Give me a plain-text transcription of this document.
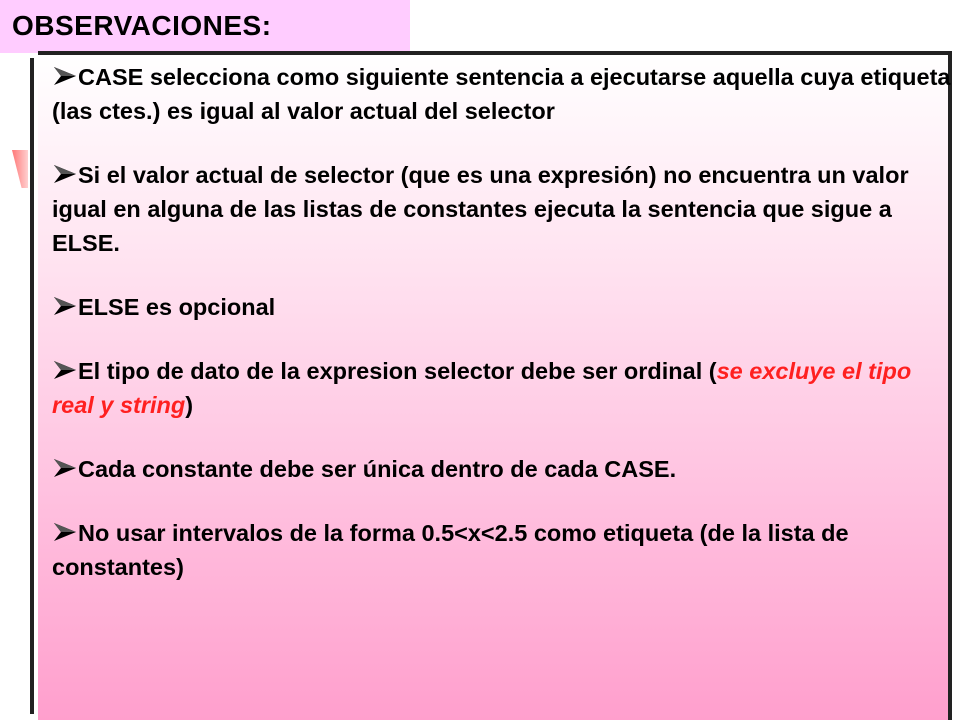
OBSERVACIONES:
CASE selecciona como siguiente sentencia a ejecutarse aquella cuya etiqueta (las ctes.) es igual al valor actual del selector
Si el valor actual de selector (que es una expresión) no encuentra un valor igual en alguna de las listas de constantes ejecuta la sentencia que sigue a ELSE.
ELSE es opcional
El tipo de dato de la expresion selector debe ser ordinal (se excluye el tipo real y string)
Cada constante debe ser única dentro de cada CASE.
No usar intervalos de la forma 0.5<x<2.5 como etiqueta (de la lista de constantes)
